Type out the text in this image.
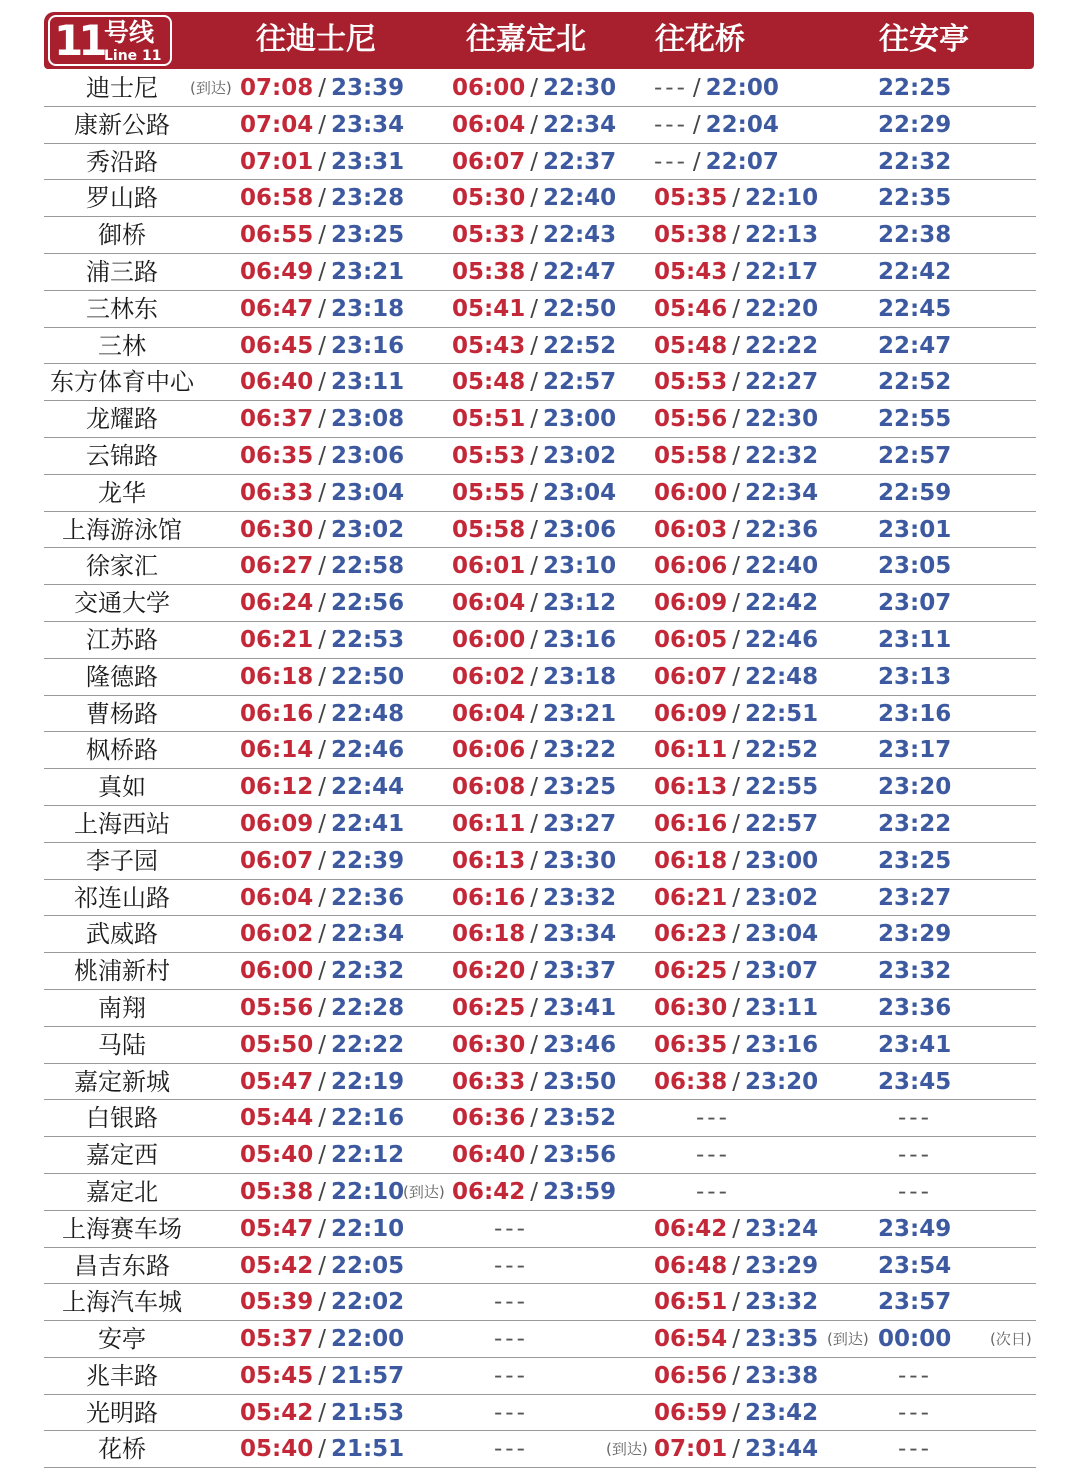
11 号线
Line 11	往迪士尼	往嘉定北	往花桥	往安亭
迪士尼	07:08 / 23:39 06:00 / 22:30 --- / 22:00	22:25
(到达)
康新公路	07:04 / 23:34 06:04 / 22:34 --- / 22:04	22:29
秀沿路	07:01 / 23:31 06:07 / 22:37 --- / 22:07	22:32
罗山路	06:58 / 23:28 05:30 / 22:40 05:35 / 22:10	22:35
御桥	06:55 / 23:25 05:33 / 22:43 05:38 / 22:13	22:38
浦三路	06:49 / 23:21 05:38 / 22:47 05:43 / 22:17	22:42
三林东	06:47 / 23:18 05:41 / 22:50 05:46 / 22:20	22:45
三林	06:45 / 23:16 05:43 / 22:52 05:48 / 22:22	22:47
东方体育中心 06:40 / 23:11 05:48 / 22:57 05:53 / 22:27	22:52
龙耀路	06:37 / 23:08 05:51 / 23:00 05:56 / 22:30	22:55
云锦路	06:35 / 23:06 05:53 / 23:02 05:58 / 22:32	22:57
龙华	06:33 / 23:04 05:55 / 23:04 06:00 / 22:34	22:59
上海游泳馆	06:30 / 23:02 05:58 / 23:06 06:03 / 22:36	23:01
徐家汇	06:27 / 22:58 06:01 / 23:10 06:06 / 22:40	23:05
交通大学	06:24 / 22:56 06:04 / 23:12 06:09 / 22:42	23:07
江苏路	06:21 / 22:53 06:00 / 23:16 06:05 / 22:46	23:11
隆德路	06:18 / 22:50 06:02 / 23:18 06:07 / 22:48	23:13
曹杨路	06:16 / 22:48 06:04 / 23:21 06:09 / 22:51	23:16
枫桥路	06:14 / 22:46 06:06 / 23:22 06:11 / 22:52	23:17
真如	06:12 / 22:44 06:08 / 23:25 06:13 / 22:55	23:20
上海西站	06:09 / 22:41 06:11 / 23:27 06:16 / 22:57	23:22
李子园	06:07 / 22:39 06:13 / 23:30 06:18 / 23:00	23:25
祁连山路	06:04 / 22:36 06:16 / 23:32 06:21 / 23:02	23:27
武威路	06:02 / 22:34 06:18 / 23:34 06:23 / 23:04	23:29
桃浦新村	06:00 / 22:32 06:20 / 23:37 06:25 / 23:07	23:32
南翔	05:56 / 22:28 06:25 / 23:41 06:30 / 23:11	23:36
马陆	05:50 / 22:22 06:30 / 23:46 06:35 / 23:16	23:41
嘉定新城	05:47 / 22:19 06:33 / 23:50 06:38 / 23:20	23:45
白银路	05:44 / 22:16 06:36 / 23:52	---	---
嘉定西	05:40 / 22:12 06:40 / 23:56	---	---
嘉定北	05:38 / 22:10 06:42 / 23:59	---	---
(到达)
上海赛车场	05:47 / 22:10	---	06:42 / 23:24	23:49
昌吉东路	05:42 / 22:05	---	06:48 / 23:29	23:54
上海汽车城	05:39 / 22:02	---	06:51 / 23:32	23:57
安亭	05:37 / 22:00	---	06:54 / 23:35	00:00
(到达)	(次日)
兆丰路	05:45 / 21:57	---	06:56 / 23:38	---
光明路	05:42 / 21:53	---	06:59 / 23:42	---
花桥	05:40 / 21:51	---	07:01 / 23:44	---
(到达)
